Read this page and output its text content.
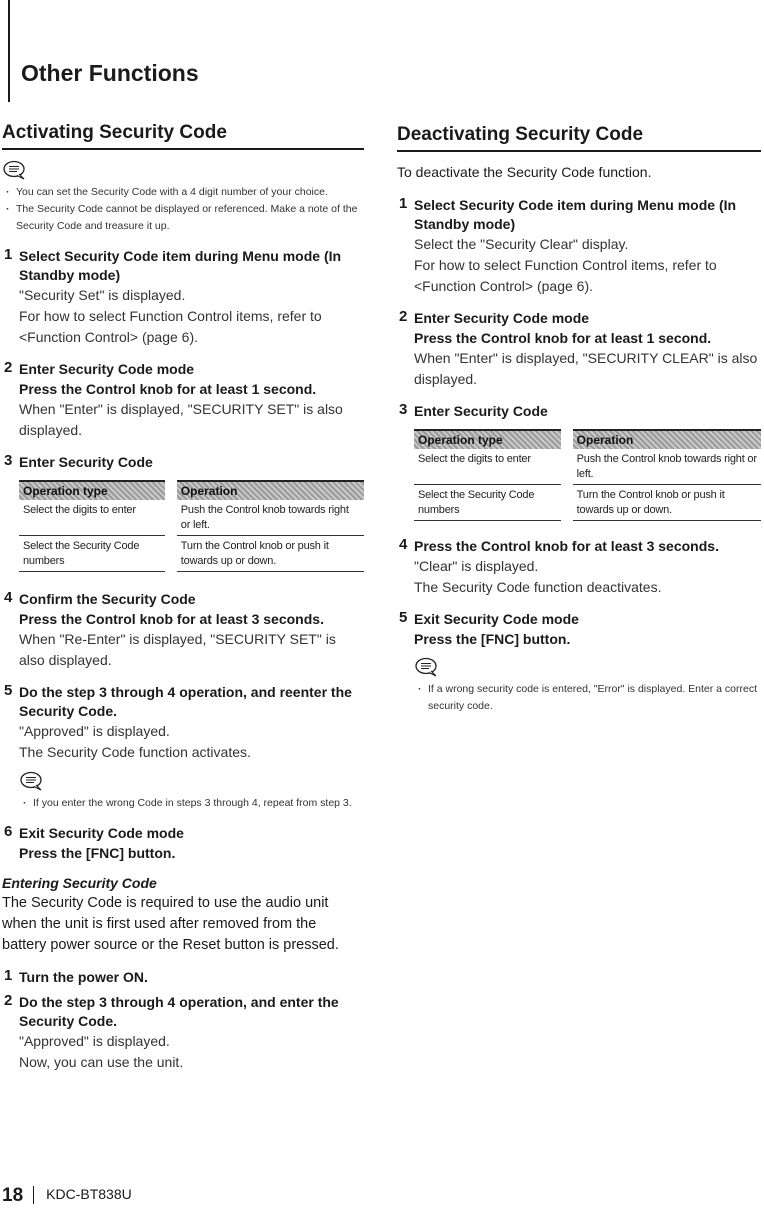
Other Functions
Activating Security Code
· You can set the Security Code with a 4 digit number of your choice.
· The Security Code cannot be displayed or referenced. Make a note of the Security Code and treasure it up.
1 Select Security Code item during Menu mode (In Standby mode)
"Security Set" is displayed.
For how to select Function Control items, refer to <Function Control> (page 6).
2 Enter Security Code mode
Press the Control knob for at least 1 second.
When "Enter" is displayed, "SECURITY SET" is also displayed.
3 Enter Security Code
Operation type	Operation
Select the digits to enter	Push the Control knob towards right or left.
Select the Security Code numbers	Turn the Control knob or push it towards up or down.
4 Confirm the Security Code
Press the Control knob for at least 3 seconds.
When "Re-Enter" is displayed, "SECURITY SET" is also displayed.
5 Do the step 3 through 4 operation, and reenter the Security Code.
"Approved" is displayed.
The Security Code function activates.
· If you enter the wrong Code in steps 3 through 4, repeat from step 3.
6 Exit Security Code mode
Press the [FNC] button.
Entering Security Code
The Security Code is required to use the audio unit when the unit is first used after removed from the battery power source or the Reset button is pressed.
1 Turn the power ON.
2 Do the step 3 through 4 operation, and enter the Security Code.
"Approved" is displayed.
Now, you can use the unit.
Deactivating Security Code

To deactivate the Security Code function.

1 Select Security Code item during Menu mode (In Standby mode)
Select the "Security Clear" display.
For how to select Function Control items, refer to <Function Control> (page 6).
2 Enter Security Code mode
Press the Control knob for at least 1 second.
When "Enter" is displayed, "SECURITY CLEAR" is also displayed.
3 Enter Security Code
Operation type	Operation
Select the digits to enter	Push the Control knob towards right or left.
Select the Security Code numbers	Turn the Control knob or push it towards up or down.
4 Press the Control knob for at least 3 seconds.
"Clear" is displayed.
The Security Code function deactivates.
5 Exit Security Code mode
Press the [FNC] button.
· If a wrong security code is entered, "Error" is displayed. Enter a correct security code.
18 KDC-BT838U
